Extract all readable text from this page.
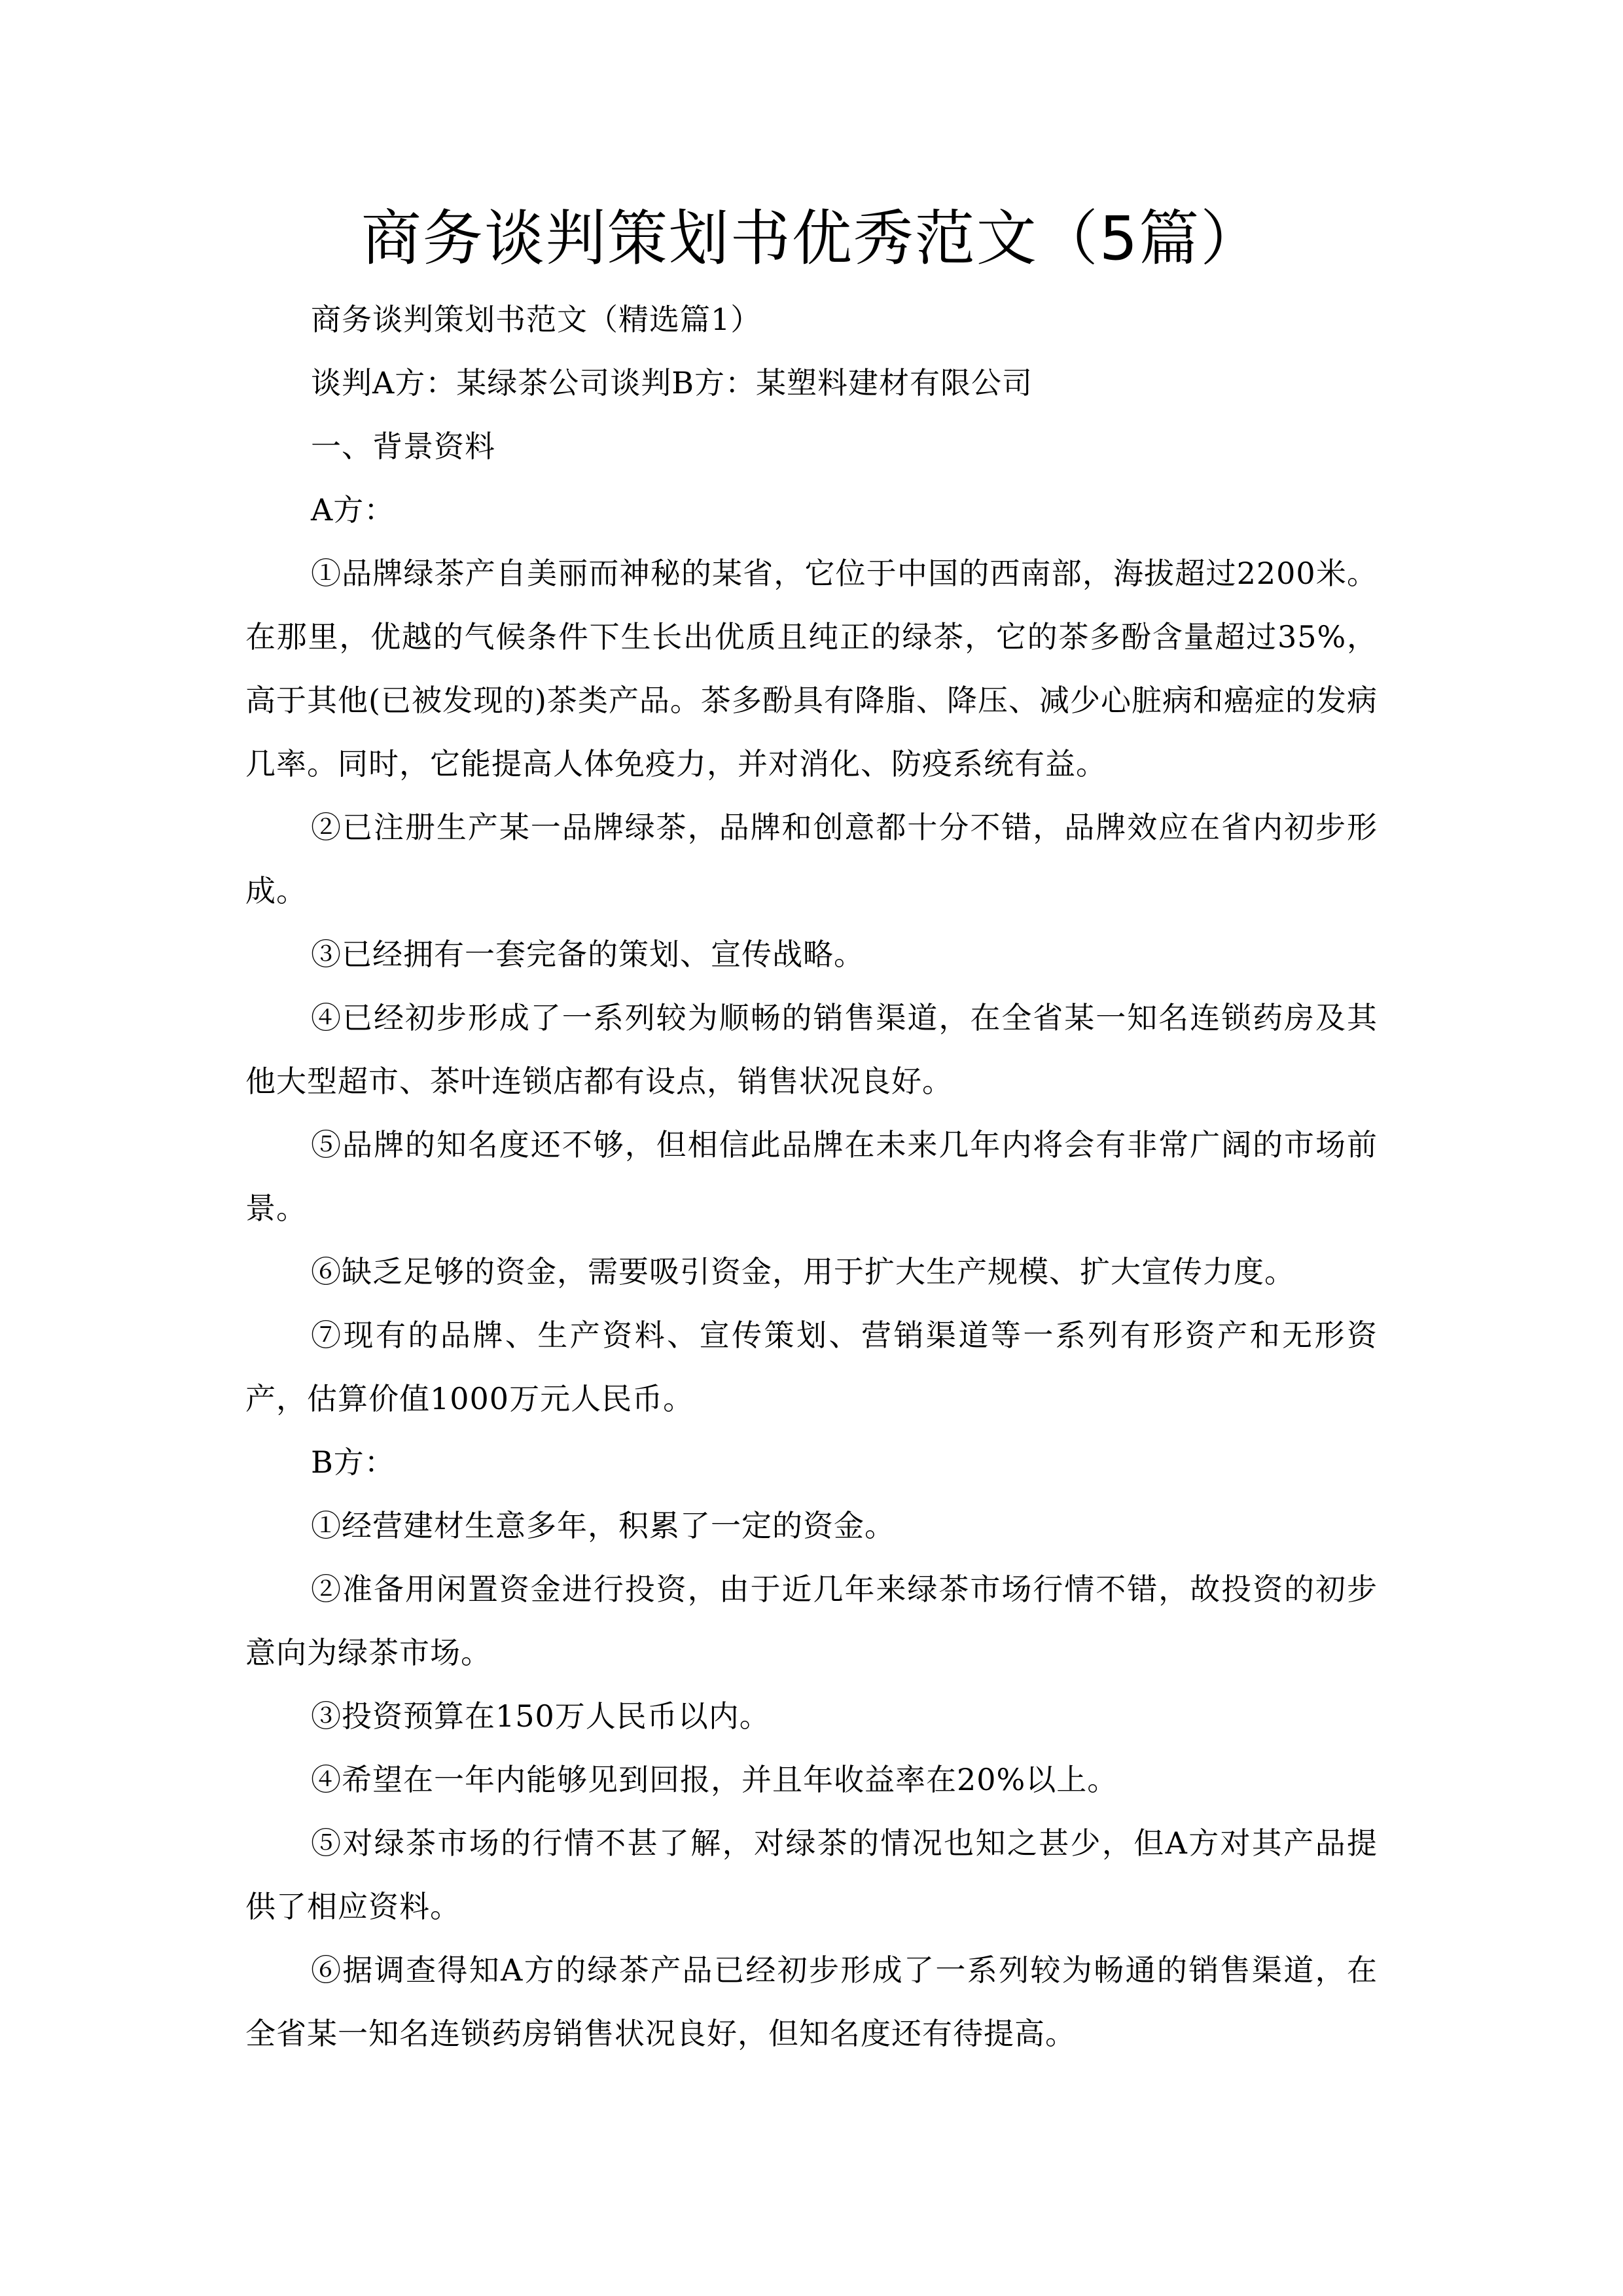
商务谈判策划书优秀范文（5篇）

商务谈判策划书范文（精选篇1）

谈判A方：某绿茶公司谈判B方：某塑料建材有限公司

一、背景资料

A方：

①品牌绿茶产自美丽而神秘的某省，它位于中国的西南部，海拔超过2200米。在那里，优越的气候条件下生长出优质且纯正的绿茶，它的茶多酚含量超过35%，高于其他(已被发现的)茶类产品。茶多酚具有降脂、降压、减少心脏病和癌症的发病几率。同时，它能提高人体免疫力，并对消化、防疫系统有益。

②已注册生产某一品牌绿茶，品牌和创意都十分不错，品牌效应在省内初步形成。

③已经拥有一套完备的策划、宣传战略。

④已经初步形成了一系列较为顺畅的销售渠道，在全省某一知名连锁药房及其他大型超市、茶叶连锁店都有设点，销售状况良好。

⑤品牌的知名度还不够，但相信此品牌在未来几年内将会有非常广阔的市场前景。

⑥缺乏足够的资金，需要吸引资金，用于扩大生产规模、扩大宣传力度。

⑦现有的品牌、生产资料、宣传策划、营销渠道等一系列有形资产和无形资产，估算价值1000万元人民币。

B方：

①经营建材生意多年，积累了一定的资金。

②准备用闲置资金进行投资，由于近几年来绿茶市场行情不错，故投资的初步意向为绿茶市场。

③投资预算在150万人民币以内。

④希望在一年内能够见到回报，并且年收益率在20%以上。

⑤对绿茶市场的行情不甚了解，对绿茶的情况也知之甚少，但A方对其产品提供了相应资料。

⑥据调查得知A方的绿茶产品已经初步形成了一系列较为畅通的销售渠道，在全省某一知名连锁药房销售状况良好，但知名度还有待提高。
